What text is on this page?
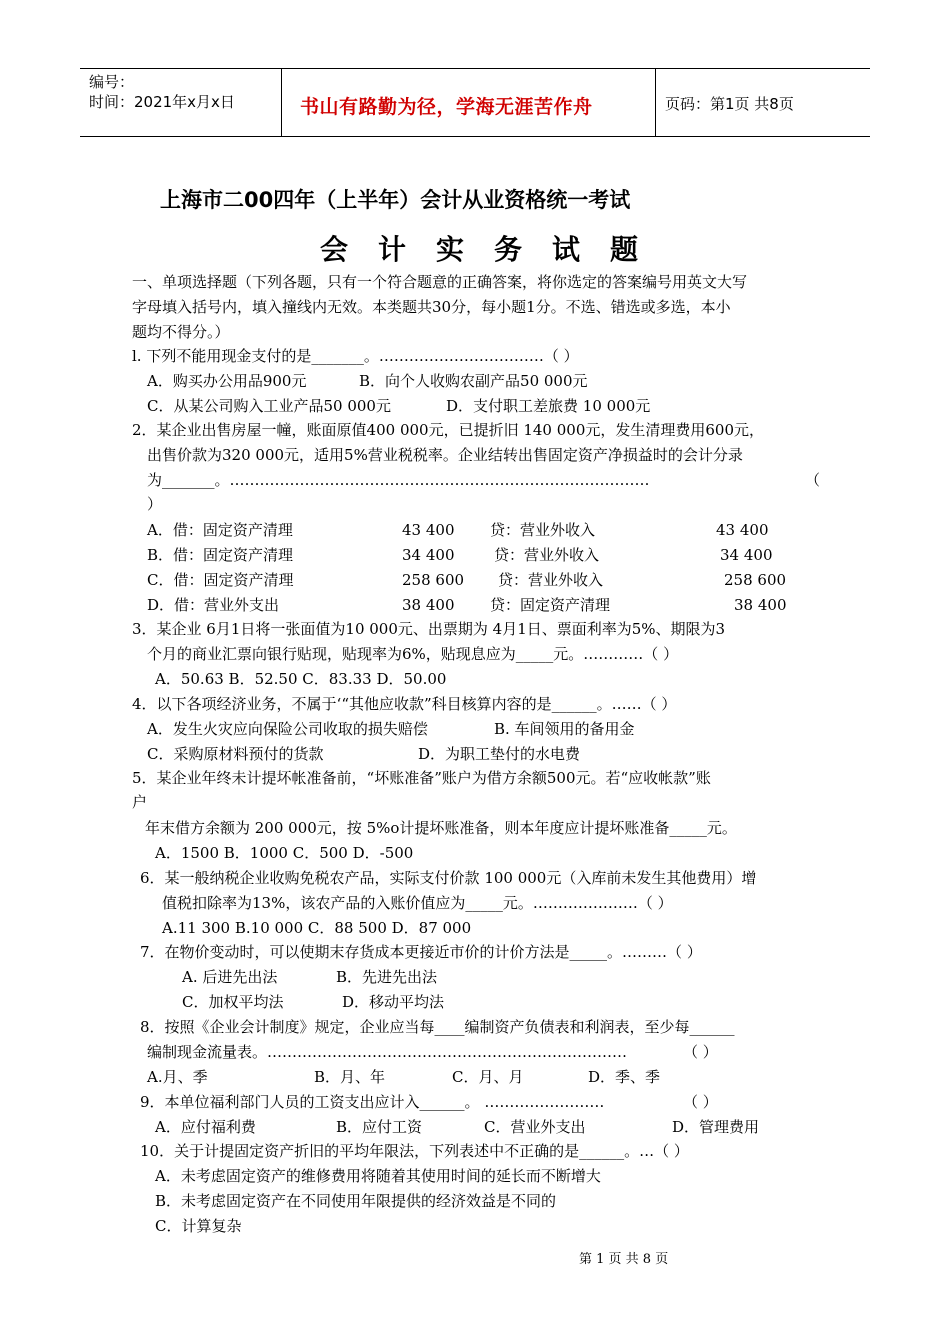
编号：
时间：2021年x月x日	书山有路勤为径，学海无涯苦作舟	页码：第1页 共8页
上海市二00四年（上半年）会计从业资格统一考试
会计实务试题
一、单项选择题（下列各题，只有一个符合题意的正确答案，将你选定的答案编号用英文大写
字母填入括号内，填入撞线内无效。本类题共30分，每小题1分。不选、错选或多选，本小
题均不得分。）
l. 下列不能用现金支付的是_______。……………………………（ ）
A．购买办公用品900元	B．向个人收购农副产品50 000元
C．从某公司购入工业产品50 000元	D．支付职工差旅费 10 000元
2．某企业出售房屋一幢，账面原值400 000元，已提折旧 140 000元，发生清理费用600元，
出售价款为320 000元，适用5%营业税税率。企业结转出售固定资产净损益时的会计分录
为_______。…………………………………………………………………………	（
）
A．借：固定资产清理	43 400 贷：营业外收入	43 400
B．借：固定资产清理	34 400	贷：营业外收入	34 400
C．借：固定资产清理	258 600 贷：营业外收入	258 600
D．借：营业外支出	38 400 贷：固定资产清理	38 400
3．某企业 6月1日将一张面值为10 000元、出票期为 4月1日、票面利率为5%、期限为3
个月的商业汇票向银行贴现，贴现率为6%，贴现息应为_____元。…………（ ）
A．50.63 B．52.50 C．83.33 D．50.00
4．以下各项经济业务，不属于‘“其他应收款”科目核算内容的是______。……（ ）
A．发生火灾应向保险公司收取的损失赔偿	B. 车间领用的备用金
C．采购原材料预付的货款	D．为职工垫付的水电费
5．某企业年终未计提坏帐准备前，“坏账准备”账户为借方余额500元。若“应收帐款”账
户
年末借方余额为 200 000元，按 5%o计提坏账准备，则本年度应计提坏账准备_____元。
A．1500 B．1000 C．500 D．-500
6．某一般纳税企业收购免税农产品，实际支付价款 100 000元（入库前未发生其他费用）增
值税扣除率为13%，该农产品的入账价值应为_____元。…………………（ ）
A.11 300 B.10 000 C．88 500 D．87 000
7．在物价变动时，可以使期末存货成本更接近市价的计价方法是_____。………（ ）
A. 后进先出法	B．先进先出法
C．加权平均法	D．移动平均法
8．按照《企业会计制度》规定，企业应当每____编制资产负债表和利润表，至少每______
编制现金流量表。………………………………………………………………	（ ）
A.月、季	B．月、年	C．月、月	D．季、季
9．本单位福利部门人员的工资支出应计入______。 ……………………	（ ）
A．应付福利费	B．应付工资	C．营业外支出	D．管理费用
10．关于计提固定资产折旧的平均年限法，下列表述中不正确的是______。…（ ）
A．未考虑固定资产的维修费用将随着其使用时间的延长而不断增大
B．未考虑固定资产在不同使用年限提供的经济效益是不同的
C．计算复杂
第 1 页 共 8 页
